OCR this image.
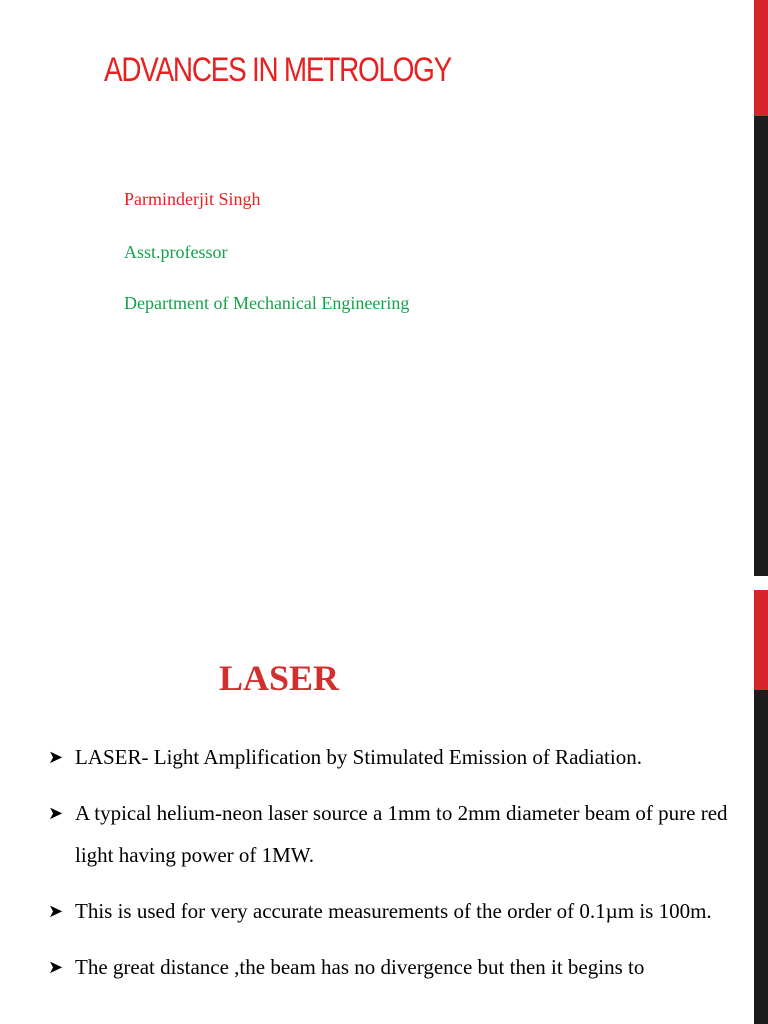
ADVANCES IN METROLOGY
Parminderjit Singh
Asst.professor
Department of Mechanical Engineering
LASER
➤ LASER- Light Amplification by Stimulated Emission of Radiation.
➤ A typical helium-neon laser source a 1mm to 2mm diameter beam of pure red light having power of 1MW.
➤ This is used for very accurate measurements of the order of 0.1µm is 100m.
➤ The great distance ,the beam has no divergence but then it begins to
